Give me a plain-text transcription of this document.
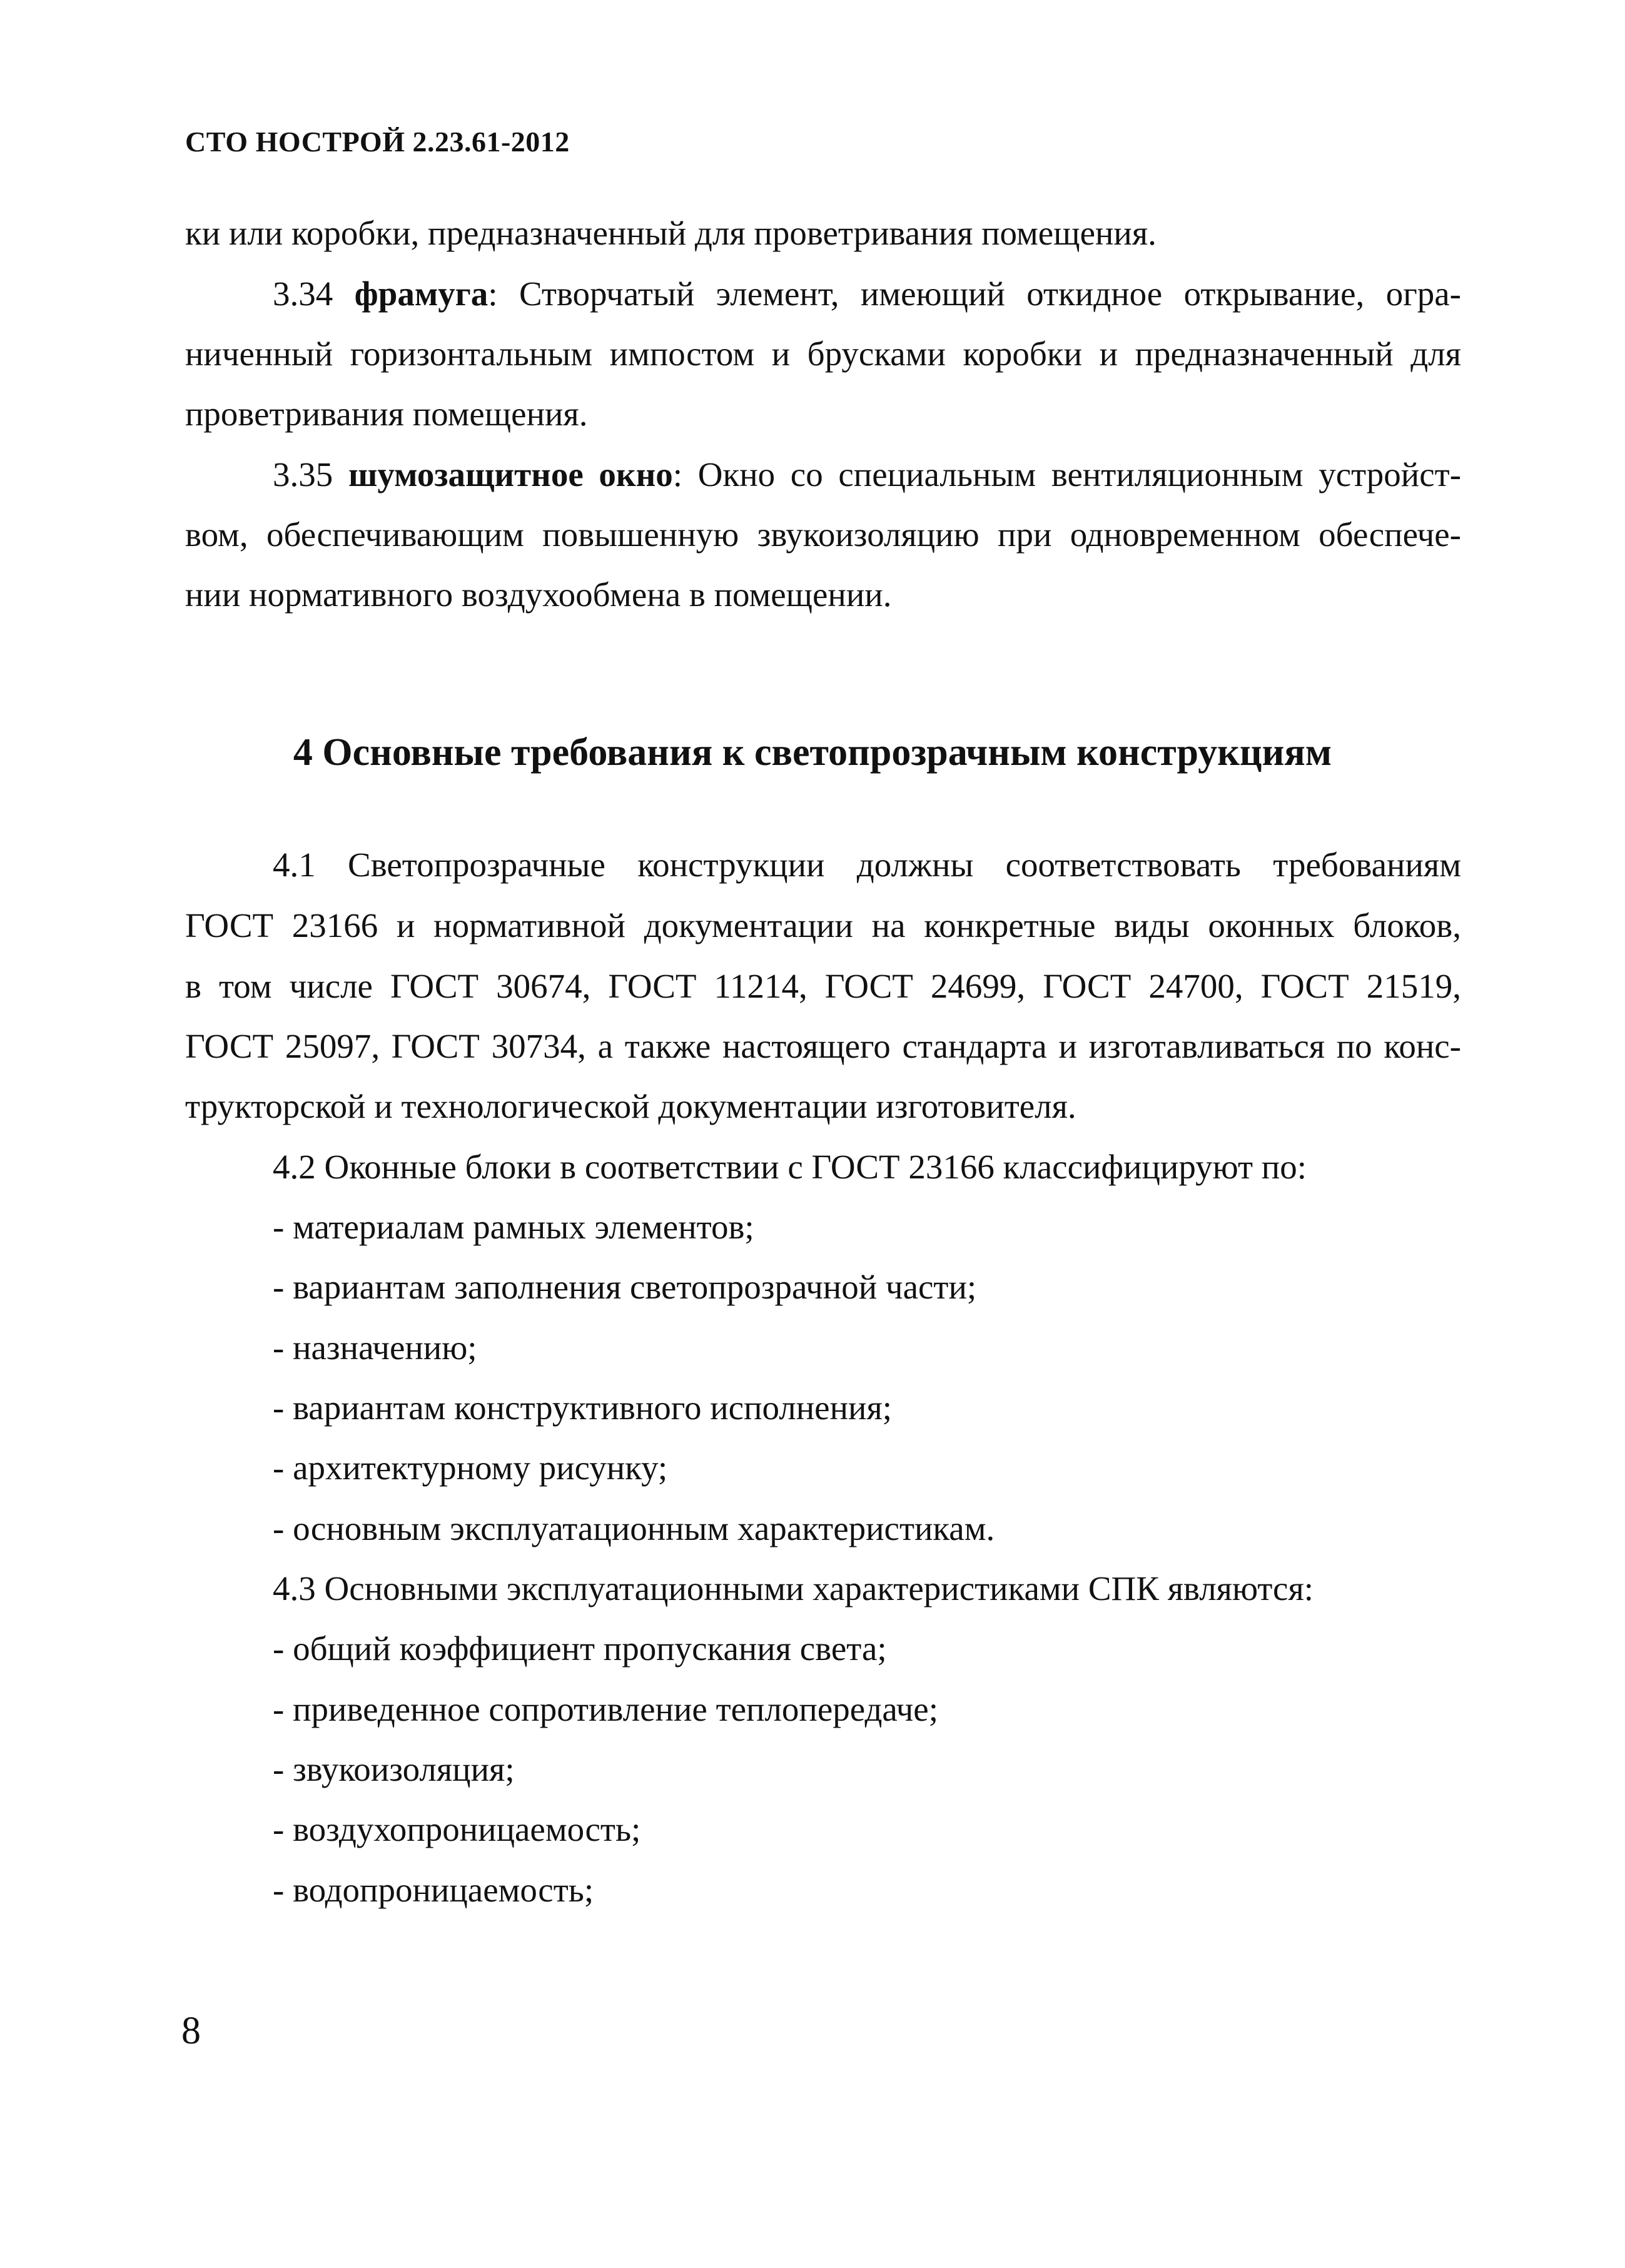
СТО НОСТРОЙ 2.23.61-2012
ки или коробки, предназначенный для проветривания помещения.
3.34 фрамуга: Створчатый элемент, имеющий откидное открывание, огра-
ниченный горизонтальным импостом и брусками коробки и предназначенный для
проветривания помещения.
3.35 шумозащитное окно: Окно со специальным вентиляционным устройст-
вом, обеспечивающим повышенную звукоизоляцию при одновременном обеспече-
нии нормативного воздухообмена в помещении.
4 Основные требования к светопрозрачным конструкциям
4.1 Светопрозрачные конструкции должны соответствовать требованиям
ГОСТ 23166 и нормативной документации на конкретные виды оконных блоков,
в том числе ГОСТ 30674, ГОСТ 11214, ГОСТ 24699, ГОСТ 24700, ГОСТ 21519,
ГОСТ 25097, ГОСТ 30734, а также настоящего стандарта и изготавливаться по конс-
трукторской и технологической документации изготовителя.
4.2 Оконные блоки в соответствии с ГОСТ 23166 классифицируют по:
- материалам рамных элементов;
- вариантам заполнения светопрозрачной части;
- назначению;
- вариантам конструктивного исполнения;
- архитектурному рисунку;
- основным эксплуатационным характеристикам.
4.3 Основными эксплуатационными характеристиками СПК являются:
- общий коэффициент пропускания света;
- приведенное сопротивление теплопередаче;
- звукоизоляция;
- воздухопроницаемость;
- водопроницаемость;
8
